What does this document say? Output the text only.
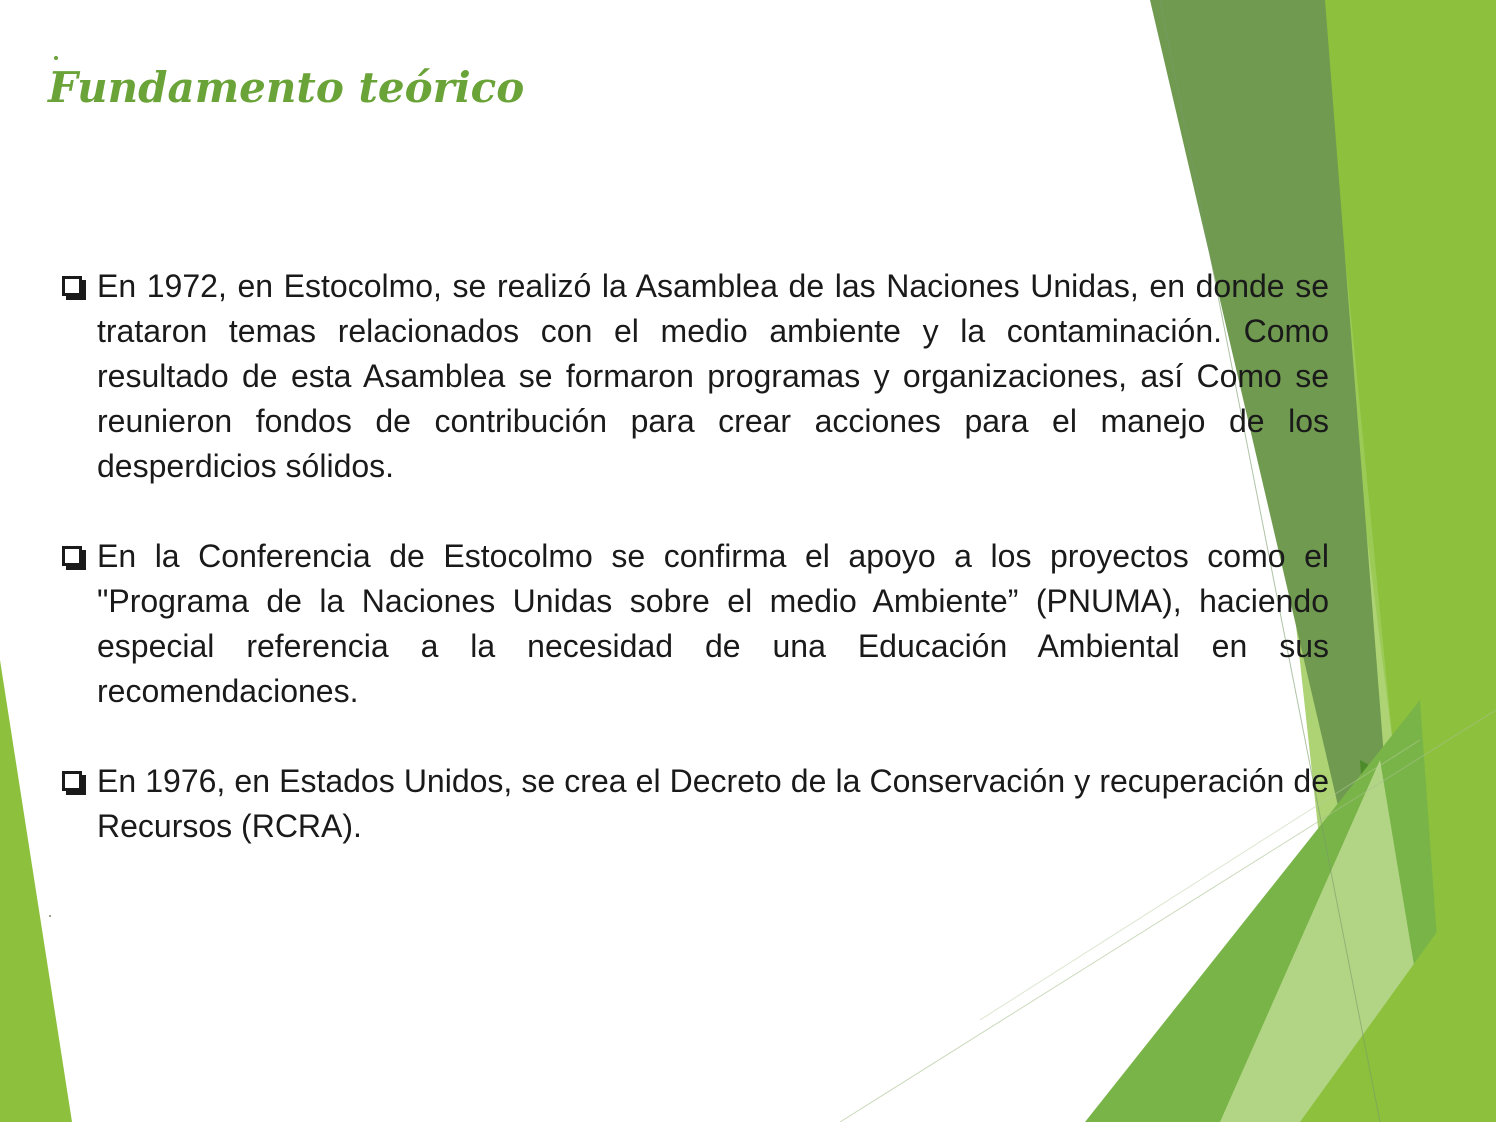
Fundamento teórico
En 1972, en Estocolmo, se realizó la Asamblea de las Naciones Unidas, en donde se trataron temas relacionados con el medio ambiente y la contaminación. Como resultado de esta Asamblea se formaron programas y organizaciones, así Como se reunieron fondos de contribución para crear acciones para el manejo de los desperdicios sólidos.
En la Conferencia de Estocolmo se confirma el apoyo a los proyectos como el "Programa de la Naciones Unidas sobre el medio Ambiente” (PNUMA), haciendo especial referencia a la necesidad de una Educación Ambiental en sus recomendaciones.
En 1976, en Estados Unidos, se crea el Decreto de la Conservación y recuperación de Recursos (RCRA).
